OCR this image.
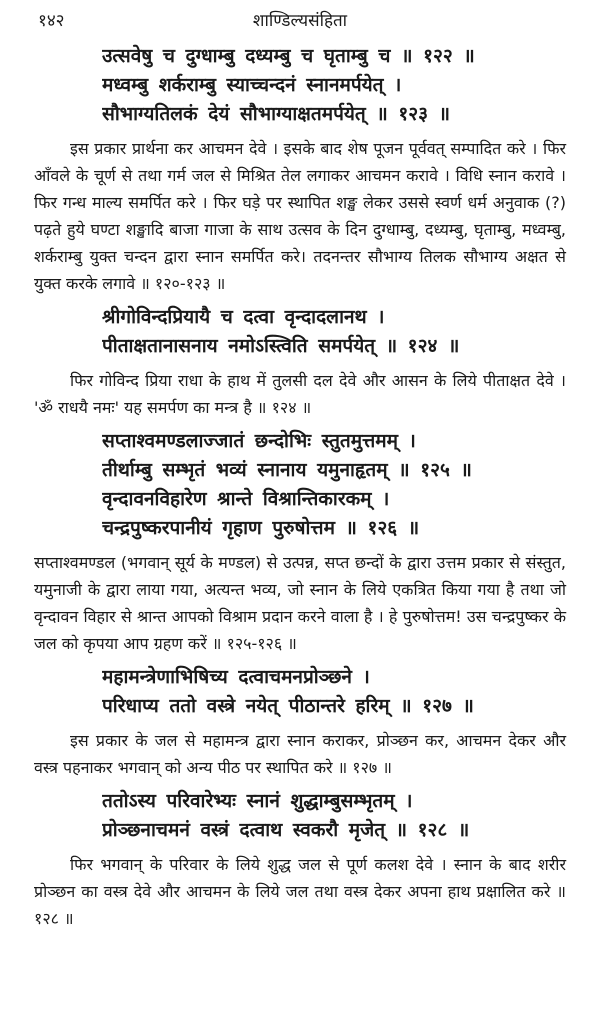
१४२	शाण्डिल्यसंहिता
उत्सवेषु च दुग्धाम्बु दध्यम्बु च घृताम्बु च ॥ १२२ ॥
मध्वम्बु शर्कराम्बु स्याच्चन्दनं स्नानमर्पयेत् ।
सौभाग्यतिलकं देयं सौभाग्याक्षतमर्पयेत् ॥ १२३ ॥
इस प्रकार प्रार्थना कर आचमन देवे । इसके बाद शेष पूजन पूर्ववत् सम्पादित करे । फिर आँवले के चूर्ण से तथा गर्म जल से मिश्रित तेल लगाकर आचमन करावे । विधि स्नान करावे । फिर गन्ध माल्य समर्पित करे । फिर घड़े पर स्थापित शङ्ख लेकर उससे स्वर्ण धर्म अनुवाक (?) पढ़ते हुये घण्टा शङ्खादि बाजा गाजा के साथ उत्सव के दिन दुग्धाम्बु, दध्यम्बु, घृताम्बु, मध्वम्बु, शर्कराम्बु युक्त चन्दन द्वारा स्नान समर्पित करे। तदनन्तर सौभाग्य तिलक सौभाग्य अक्षत से युक्त करके लगावे ॥ १२०-१२३ ॥
श्रीगोविन्दप्रियायै च दत्वा वृन्दादलानथ ।
पीताक्षतानासनाय नमोऽस्त्विति समर्पयेत् ॥ १२४ ॥
फिर गोविन्द प्रिया राधा के हाथ में तुलसी दल देवे और आसन के लिये पीताक्षत देवे । 'ॐ राधयै नमः' यह समर्पण का मन्त्र है ॥ १२४ ॥
सप्ताश्वमण्डलाज्जातं छन्दोभिः स्तुतमुत्तमम् ।
तीर्थाम्बु सम्भृतं भव्यं स्नानाय यमुनाहृतम् ॥ १२५ ॥
वृन्दावनविहारेण श्रान्ते विश्रान्तिकारकम् ।
चन्द्रपुष्करपानीयं गृहाण पुरुषोत्तम ॥ १२६ ॥
सप्ताश्वमण्डल (भगवान् सूर्य के मण्डल) से उत्पन्न, सप्त छन्दों के द्वारा उत्तम प्रकार से संस्तुत, यमुनाजी के द्वारा लाया गया, अत्यन्त भव्य, जो स्नान के लिये एकत्रित किया गया है तथा जो वृन्दावन विहार से श्रान्त आपको विश्राम प्रदान करने वाला है । हे पुरुषोत्तम! उस चन्द्रपुष्कर के जल को कृपया आप ग्रहण करें ॥ १२५-१२६ ॥
महामन्त्रेणाभिषिच्य दत्वाचमनप्रोञ्छने ।
परिधाप्य ततो वस्त्रे नयेत् पीठान्तरे हरिम् ॥ १२७ ॥
इस प्रकार के जल से महामन्त्र द्वारा स्नान कराकर, प्रोञ्छन कर, आचमन देकर और वस्त्र पहनाकर भगवान् को अन्य पीठ पर स्थापित करे ॥ १२७ ॥
ततोऽस्य परिवारेभ्यः स्नानं शुद्धाम्बुसम्भृतम् ।
प्रोञ्छनाचमनं वस्त्रं दत्वाथ स्वकरौ मृजेत् ॥ १२८ ॥
फिर भगवान् के परिवार के लिये शुद्ध जल से पूर्ण कलश देवे । स्नान के बाद शरीर प्रोञ्छन का वस्त्र देवे और आचमन के लिये जल तथा वस्त्र देकर अपना हाथ प्रक्षालित करे ॥ १२८ ॥
